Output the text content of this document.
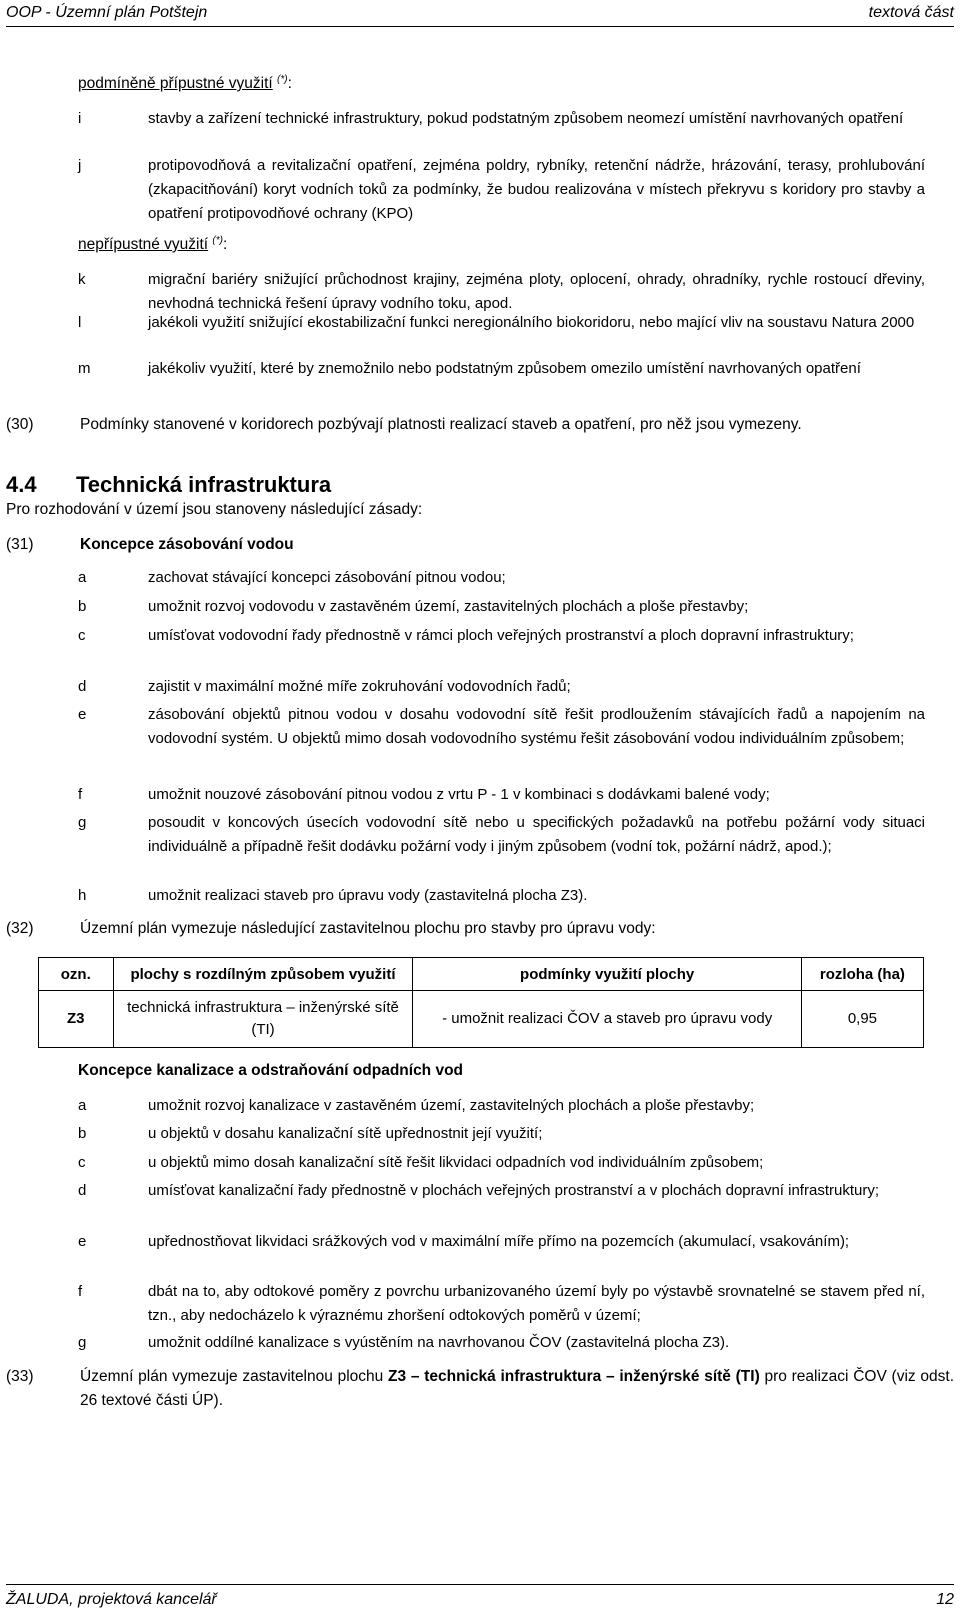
OOP - Územní plán Potštejn	textová část
podmíněně přípustné využití (*):
i	stavby a zařízení technické infrastruktury, pokud podstatným způsobem neomezí umístění navrhovaných opatření
j	protipovodňová a revitalizační opatření, zejména poldry, rybníky, retenční nádrže, hrázování, terasy, prohlubování (zkapacitňování) koryt vodních toků za podmínky, že budou realizována v místech překryvu s koridory pro stavby a opatření protipovodňové ochrany (KPO)
nepřípustné využití (*):
k	migrační bariéry snižující průchodnost krajiny, zejména ploty, oplocení, ohrady, ohradníky, rychle rostoucí dřeviny, nevhodná technická řešení úpravy vodního toku, apod.
l	jakékoli využití snižující ekostabilizační funkci neregionálního biokoridoru, nebo mající vliv na soustavu Natura 2000
m	jakékoliv využití, které by znemožnilo nebo podstatným způsobem omezilo umístění navrhovaných opatření
(30)	Podmínky stanovené v koridorech pozbývají platnosti realizací staveb a opatření, pro něž jsou vymezeny.
4.4 Technická infrastruktura
Pro rozhodování v území jsou stanoveny následující zásady:
(31)	Koncepce zásobování vodou
a	zachovat stávající koncepci zásobování pitnou vodou;
b	umožnit rozvoj vodovodu v zastavěném území, zastavitelných plochách a ploše přestavby;
c	umísťovat vodovodní řady přednostně v rámci ploch veřejných prostranství a ploch dopravní infrastruktury;
d	zajistit v maximální možné míře zokruhování vodovodních řadů;
e	zásobování objektů pitnou vodou v dosahu vodovodní sítě řešit prodloužením stávajících řadů a napojením na vodovodní systém. U objektů mimo dosah vodovodního systému řešit zásobování vodou individuálním způsobem;
f	umožnit nouzové zásobování pitnou vodou z vrtu P - 1 v kombinaci s dodávkami balené vody;
g	posoudit v koncových úsecích vodovodní sítě nebo u specifických požadavků na potřebu požární vody situaci individuálně a případně řešit dodávku požární vody i jiným způsobem (vodní tok, požární nádrž, apod.);
h	umožnit realizaci staveb pro úpravu vody (zastavitelná plocha Z3).
(32)	Územní plán vymezuje následující zastavitelnou plochu pro stavby pro úpravu vody:
ozn.	plochy s rozdílným způsobem využití	podmínky využití plochy	rozloha (ha)
Z3	technická infrastruktura – inženýrské sítě (TI)	- umožnit realizaci ČOV a staveb pro úpravu vody	0,95
Koncepce kanalizace a odstraňování odpadních vod
a	umožnit rozvoj kanalizace v zastavěném území, zastavitelných plochách a ploše přestavby;
b	u objektů v dosahu kanalizační sítě upřednostnit její využití;
c	u objektů mimo dosah kanalizační sítě řešit likvidaci odpadních vod individuálním způsobem;
d	umísťovat kanalizační řady přednostně v plochách veřejných prostranství a v plochách dopravní infrastruktury;
e	upřednostňovat likvidaci srážkových vod v maximální míře přímo na pozemcích (akumulací, vsakováním);
f	dbát na to, aby odtokové poměry z povrchu urbanizovaného území byly po výstavbě srovnatelné se stavem před ní, tzn., aby nedocházelo k výraznému zhoršení odtokových poměrů v území;
g	umožnit oddílné kanalizace s vyústěním na navrhovanou ČOV (zastavitelná plocha Z3).
(33)	Územní plán vymezuje zastavitelnou plochu Z3 – technická infrastruktura – inženýrské sítě (TI) pro realizaci ČOV (viz odst. 26 textové části ÚP).
ŽALUDA, projektová kancelář	12
